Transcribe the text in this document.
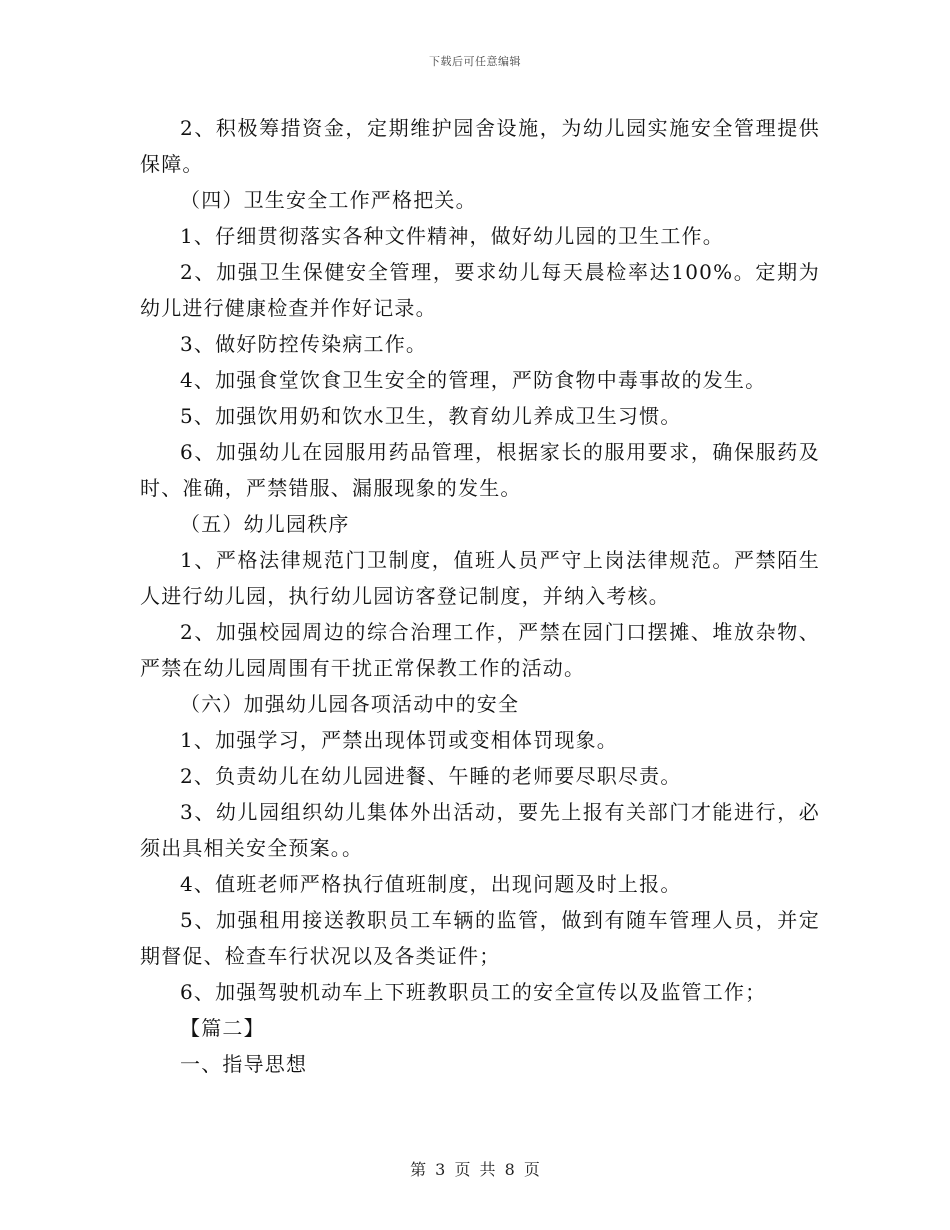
下载后可任意编辑

2、积极筹措资金，定期维护园舍设施，为幼儿园实施安全管理提供保障。

（四）卫生安全工作严格把关。

1、仔细贯彻落实各种文件精神，做好幼儿园的卫生工作。

2、加强卫生保健安全管理，要求幼儿每天晨检率达100%。定期为幼儿进行健康检查并作好记录。

3、做好防控传染病工作。

4、加强食堂饮食卫生安全的管理，严防食物中毒事故的发生。

5、加强饮用奶和饮水卫生，教育幼儿养成卫生习惯。

6、加强幼儿在园服用药品管理，根据家长的服用要求，确保服药及时、准确，严禁错服、漏服现象的发生。

（五）幼儿园秩序

1、严格法律规范门卫制度，值班人员严守上岗法律规范。严禁陌生人进行幼儿园，执行幼儿园访客登记制度，并纳入考核。

2、加强校园周边的综合治理工作，严禁在园门口摆摊、堆放杂物、严禁在幼儿园周围有干扰正常保教工作的活动。

（六）加强幼儿园各项活动中的安全

1、加强学习，严禁出现体罚或变相体罚现象。

2、负责幼儿在幼儿园进餐、午睡的老师要尽职尽责。

3、幼儿园组织幼儿集体外出活动，要先上报有关部门才能进行，必须出具相关安全预案。。

4、值班老师严格执行值班制度，出现问题及时上报。

5、加强租用接送教职员工车辆的监管，做到有随车管理人员，并定期督促、检查车行状况以及各类证件；

6、加强驾驶机动车上下班教职员工的安全宣传以及监管工作；

【篇二】

一、指导思想

第 3 页 共 8 页
